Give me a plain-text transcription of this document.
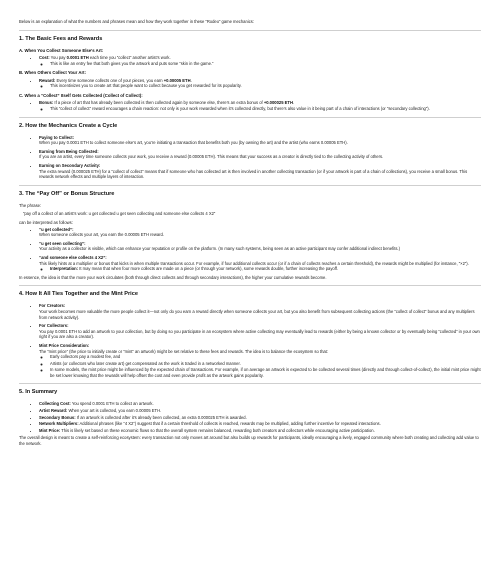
Below is an explanation of what the numbers and phrases mean and how they work together in these “Rodeo” game mechanics:

1. The Basic Fees and Rewards
A. When You Collect Someone Else’s Art:
• Cost: You pay 0.0001 ETH each time you “collect” another artist’s work.
◦ This is like an entry fee that both gives you the artwork and puts some “skin in the game.”
B. When Others Collect Your Art:
• Reward: Every time someone collects one of your pieces, you earn +0.00005 ETH.
◦ This incentivizes you to create art that people want to collect because you get rewarded for its popularity.
C. When a “Collect” Itself Gets Collected (Collect of Collect):
• Bonus: If a piece of art that has already been collected is then collected again by someone else, there’s an extra bonus of +0.000025 ETH.
◦ This “collect of collect” reward encourages a chain reaction: not only is your work rewarded when it’s collected directly, but there’s also value in it being part of a chain of interactions (or “secondary collecting”).
2. How the Mechanics Create a Cycle
• Paying to Collect:
When you pay 0.0001 ETH to collect someone else’s art, you’re initiating a transaction that benefits both you (by owning the art) and the artist (who earns 0.00005 ETH).
• Earning from Being Collected:
If you are an artist, every time someone collects your work, you receive a reward (0.00005 ETH). This means that your success as a creator is directly tied to the collecting activity of others.
• Earning on Secondary Activity:
The extra reward (0.000025 ETH) for a “collect of collect” means that if someone who has collected art is then involved in another collecting transaction (or if your artwork is part of a chain of collections), you receive a small bonus. This rewards network effects and multiple layers of interaction.
3. The “Pay Off” or Bonus Structure

The phrase:

“pay off a collect of an artist’s work: u get collected u get seen collecting and someone else collects 4 X2”

can be interpreted as follows:

• “u get collected”:
When someone collects your art, you earn the 0.00005 ETH reward.
• “u get seen collecting”:
Your activity as a collector is visible, which can enhance your reputation or profile on the platform. (In many such systems, being seen as an active participant may confer additional indirect benefits.)
• “and someone else collects 4 X2”:
This likely hints at a multiplier or bonus that kicks in when multiple transactions occur. For example, if four additional collects occur (or if a chain of collects reaches a certain threshold), the rewards might be multiplied (for instance, “×2”).
◦ Interpretation: It may mean that when four more collects are made on a piece (or through your network), some rewards double, further increasing the payoff.

In essence, the idea is that the more your work circulates (both through direct collects and through secondary interactions), the higher your cumulative rewards become.

4. How It All Ties Together and the Mint Price
• For Creators:
Your work becomes more valuable the more people collect it—not only do you earn a reward directly when someone collects your art, but you also benefit from subsequent collecting actions (the “collect of collect” bonus and any multipliers from network activity).
• For Collectors:
You pay 0.0001 ETH to add an artwork to your collection, but by doing so you participate in an ecosystem where active collecting may eventually lead to rewards (either by being a known collector or by eventually being “collected” in your own right if you are also a creator).
• Mint Price Consideration:
The “mint price” (the price to initially create or “mint” an artwork) might be set relative to these fees and rewards. The idea is to balance the ecosystem so that:
◦ Early collectors pay a modest fee, and
◦ Artists (or collectors who later create art) get compensated as the work is traded in a networked manner.
◦ In some models, the mint price might be influenced by the expected chain of transactions. For example, if on average an artwork is expected to be collected several times (directly and through collect-of-collect), the initial mint price might be set lower knowing that the rewards will help offset the cost and even provide profit as the artwork gains popularity.
5. In Summary
• Collecting Cost: You spend 0.0001 ETH to collect an artwork.
• Artist Reward: When your art is collected, you earn 0.00005 ETH.
• Secondary Bonus: If an artwork is collected after it’s already been collected, an extra 0.000025 ETH is awarded.
• Network Multipliers: Additional phrases (like “4 X2”) suggest that if a certain threshold of collects is reached, rewards may be multiplied, adding further incentive for repeated interactions.
• Mint Price: This is likely set based on these economic flows so that the overall system remains balanced, rewarding both creators and collectors while encouraging active participation.

The overall design is meant to create a self-reinforcing ecosystem: every transaction not only moves art around but also builds up rewards for participants, ideally encouraging a lively, engaged community where both creating and collecting add value to the network.
